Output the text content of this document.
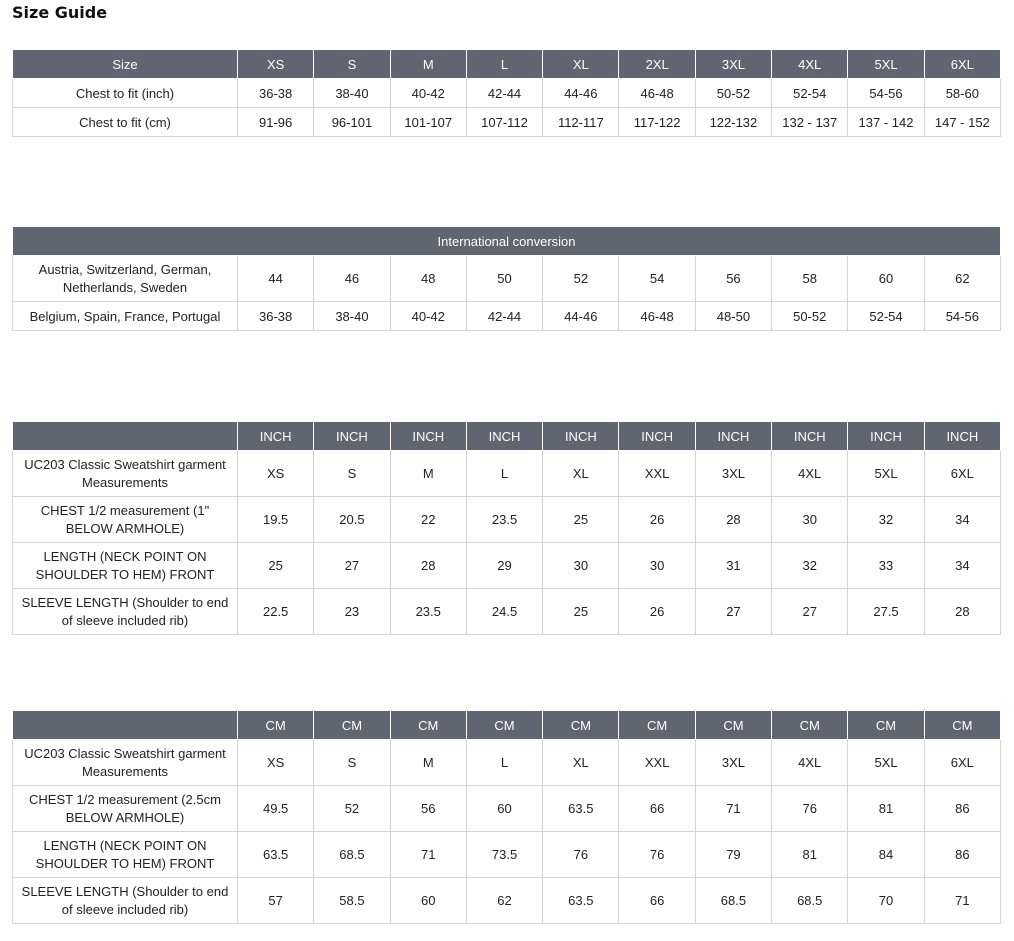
Size Guide
Size	XS	S	M	L	XL	2XL	3XL	4XL	5XL	6XL
Chest to fit (inch)	36-38	38-40	40-42	42-44	44-46	46-48	50-52	52-54	54-56	58-60
Chest to fit (cm)	91-96	96-101	101-107	107-112	112-117	117-122	122-132	132 - 137	137 - 142	147 - 152
International conversion										
Austria, Switzerland, German, Netherlands, Sweden	44	46	48	50	52	54	56	58	60	62
Belgium, Spain, France, Portugal	36-38	38-40	40-42	42-44	44-46	46-48	48-50	50-52	52-54	54-56
	INCH	INCH	INCH	INCH	INCH	INCH	INCH	INCH	INCH	INCH
UC203 Classic Sweatshirt garment Measurements	XS	S	M	L	XL	XXL	3XL	4XL	5XL	6XL
CHEST 1/2 measurement (1" BELOW ARMHOLE)	19.5	20.5	22	23.5	25	26	28	30	32	34
LENGTH (NECK POINT ON SHOULDER TO HEM) FRONT	25	27	28	29	30	30	31	32	33	34
SLEEVE LENGTH (Shoulder to end of sleeve included rib)	22.5	23	23.5	24.5	25	26	27	27	27.5	28
	CM	CM	CM	CM	CM	CM	CM	CM	CM	CM
UC203 Classic Sweatshirt garment Measurements	XS	S	M	L	XL	XXL	3XL	4XL	5XL	6XL
CHEST 1/2 measurement (2.5cm BELOW ARMHOLE)	49.5	52	56	60	63.5	66	71	76	81	86
LENGTH (NECK POINT ON SHOULDER TO HEM) FRONT	63.5	68.5	71	73.5	76	76	79	81	84	86
SLEEVE LENGTH (Shoulder to end of sleeve included rib)	57	58.5	60	62	63.5	66	68.5	68.5	70	71
